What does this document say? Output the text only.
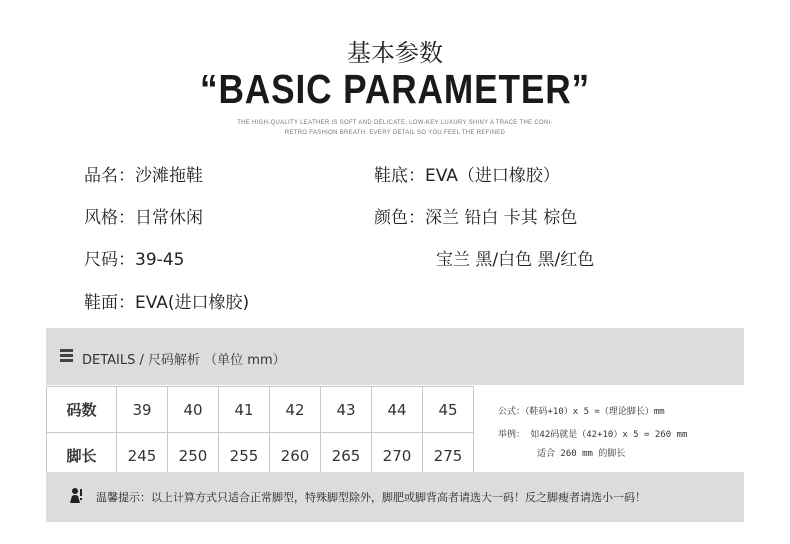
基本参数
“BASIC PARAMETER”
THE HIGH-QUALITY LEATHER IS SOFT AND DELICATE, LOW-KEY LUXURY SHINY A TRACE THE CONI-
RETRO FASHION BREATH. EVERY DETAIL SO YOU FEEL THE REFINED
品名：沙滩拖鞋
风格：日常休闲
尺码：39-45
鞋面：EVA(进口橡胶)
鞋底：EVA（进口橡胶）
颜色：深兰 铅白 卡其 棕色
宝兰 黑/白色 黑/红色
DETAILS / 尺码解析 （单位 mm）
码数	39	40	41	42	43	44	45
脚长	245	250	255	260	265	270	275
公式：（鞋码+10）x 5 =（理论脚长）mm
举例： 如42码就是（42+10）x 5 = 260 mm
适合 260 mm 的脚长
温馨提示：以上计算方式只适合正常脚型，特殊脚型除外，脚肥或脚背高者请选大一码！反之脚瘦者请选小一码！
